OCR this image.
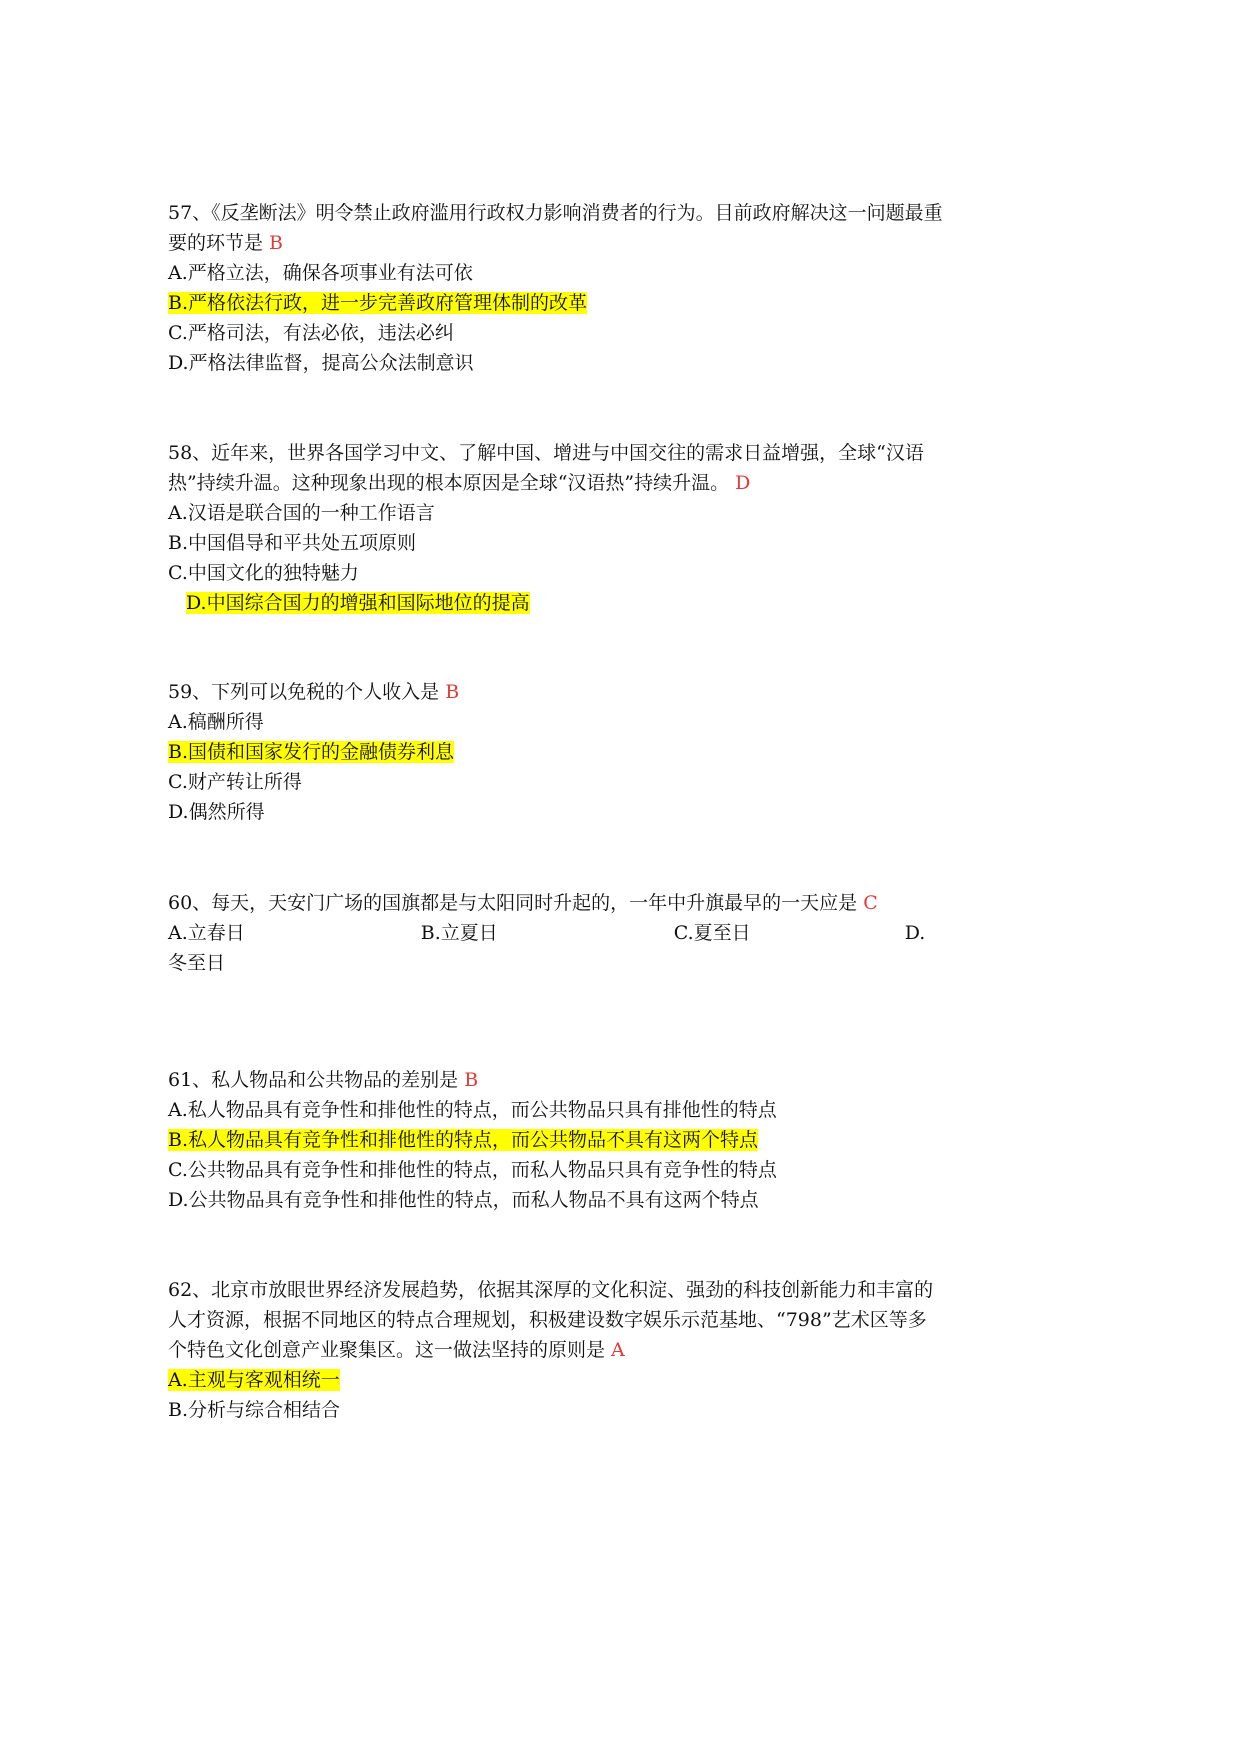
57、《反垄断法》明令禁止政府滥用行政权力影响消费者的行为。目前政府解决这一问题最重要的环节是 B

A.严格立法，确保各项事业有法可依

B.严格依法行政，进一步完善政府管理体制的改革

C.严格司法，有法必依，违法必纠

D.严格法律监督，提高公众法制意识

58、近年来，世界各国学习中文、了解中国、增进与中国交往的需求日益增强，全球“汉语热”持续升温。这种现象出现的根本原因是全球“汉语热”持续升温。 D

A.汉语是联合国的一种工作语言

B.中国倡导和平共处五项原则

C.中国文化的独特魅力

D.中国综合国力的增强和国际地位的提高

59、下列可以免税的个人收入是 B

A.稿酬所得

B.国债和国家发行的金融债券利息

C.财产转让所得

D.偶然所得

60、每天，天安门广场的国旗都是与太阳同时升起的，一年中升旗最早的一天应是 C

A.立春日	B.立夏日	C.夏至日	D.冬至日

61、私人物品和公共物品的差别是 B

A.私人物品具有竞争性和排他性的特点，而公共物品只具有排他性的特点

B.私人物品具有竞争性和排他性的特点，而公共物品不具有这两个特点

C.公共物品具有竞争性和排他性的特点，而私人物品只具有竞争性的特点

D.公共物品具有竞争性和排他性的特点，而私人物品不具有这两个特点

62、北京市放眼世界经济发展趋势，依据其深厚的文化积淀、强劲的科技创新能力和丰富的人才资源，根据不同地区的特点合理规划，积极建设数字娱乐示范基地、“798”艺术区等多个特色文化创意产业聚集区。这一做法坚持的原则是 A

A.主观与客观相统一

B.分析与综合相结合
